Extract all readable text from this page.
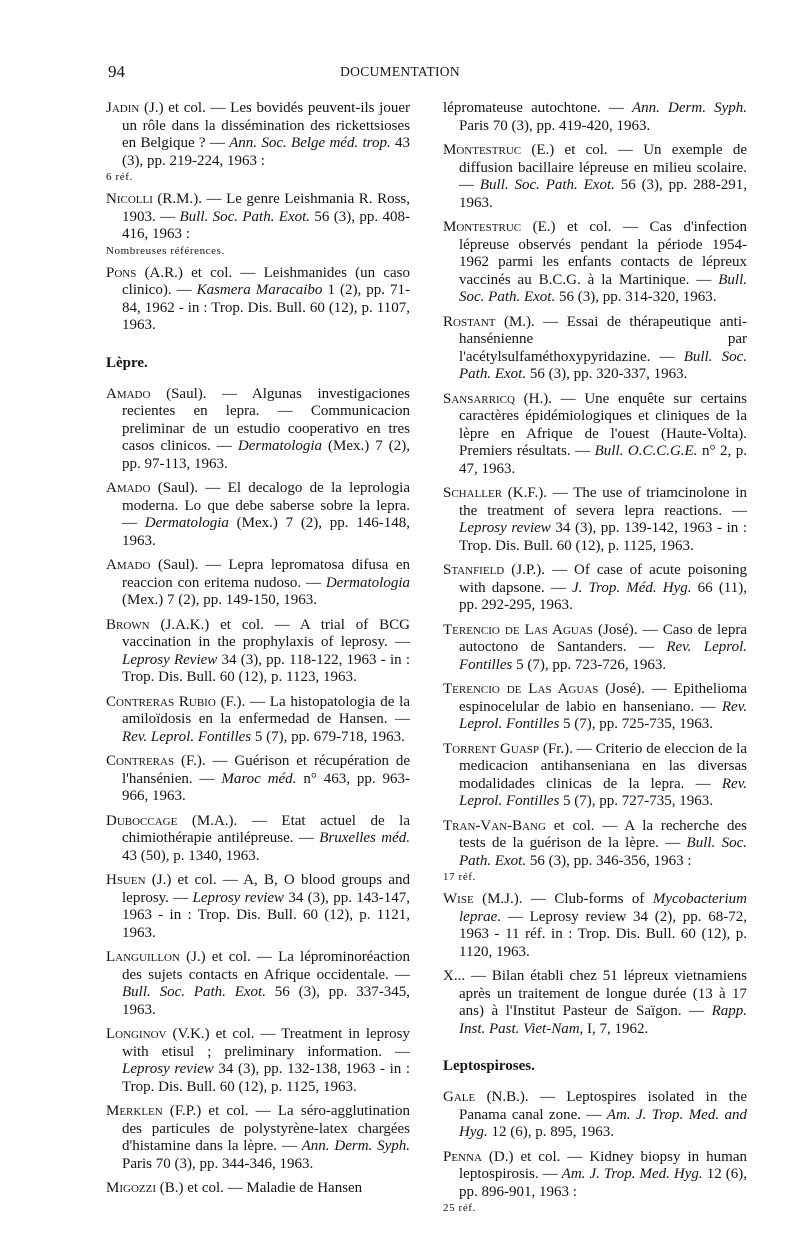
94	DOCUMENTATION

Jadin (J.) et col. — Les bovidés peuvent-ils jouer un rôle dans la dissémination des rickettsioses en Belgique ? — Ann. Soc. Belge méd. trop. 43 (3), pp. 219-224, 1963 :
6 réf.

Nicolli (R.M.). — Le genre Leishmania R. Ross, 1903. — Bull. Soc. Path. Exot. 56 (3), pp. 408-416, 1963 :
Nombreuses références.

Pons (A.R.) et col. — Leishmanides (un caso clinico). — Kasmera Maracaibo 1 (2), pp. 71-84, 1962 - in : Trop. Dis. Bull. 60 (12), p. 1107, 1963.

Lèpre.

Amado (Saul). — Algunas investigaciones recientes en lepra. — Communicacion preliminar de un estudio cooperativo en tres casos clinicos. — Dermatologia (Mex.) 7 (2), pp. 97-113, 1963.

Amado (Saul). — El decalogo de la leprologia moderna. Lo que debe saberse sobre la lepra. — Dermatologia (Mex.) 7 (2), pp. 146-148, 1963.

Amado (Saul). — Lepra lepromatosa difusa en reaccion con eritema nudoso. — Dermatologia (Mex.) 7 (2), pp. 149-150, 1963.

Brown (J.A.K.) et col. — A trial of BCG vaccination in the prophylaxis of leprosy. — Leprosy Review 34 (3), pp. 118-122, 1963 - in : Trop. Dis. Bull. 60 (12), p. 1123, 1963.

Contreras Rubio (F.). — La histopatologia de la amiloïdosis en la enfermedad de Hansen. — Rev. Leprol. Fontilles 5 (7), pp. 679-718, 1963.

Contreras (F.). — Guérison et récupération de l'hansénien. — Maroc méd. n° 463, pp. 963-966, 1963.

Duboccage (M.A.). — Etat actuel de la chimiothérapie antilépreuse. — Bruxelles méd. 43 (50), p. 1340, 1963.

Hsuen (J.) et col. — A, B, O blood groups and leprosy. — Leprosy review 34 (3), pp. 143-147, 1963 - in : Trop. Dis. Bull. 60 (12), p. 1121, 1963.

Languillon (J.) et col. — La léprominoréaction des sujets contacts en Afrique occidentale. — Bull. Soc. Path. Exot. 56 (3), pp. 337-345, 1963.

Longinov (V.K.) et col. — Treatment in leprosy with etisul ; preliminary information. — Leprosy review 34 (3), pp. 132-138, 1963 - in : Trop. Dis. Bull. 60 (12), p. 1125, 1963.

Merklen (F.P.) et col. — La séro-agglutination des particules de polystyrène-latex chargées d'histamine dans la lèpre. — Ann. Derm. Syph. Paris 70 (3), pp. 344-346, 1963.

Migozzi (B.) et col. — Maladie de Hansen

lépromateuse autochtone. — Ann. Derm. Syph. Paris 70 (3), pp. 419-420, 1963.

Montestruc (E.) et col. — Un exemple de diffusion bacillaire lépreuse en milieu scolaire. — Bull. Soc. Path. Exot. 56 (3), pp. 288-291, 1963.

Montestruc (E.) et col. — Cas d'infection lépreuse observés pendant la période 1954-1962 parmi les enfants contacts de lépreux vaccinés au B.C.G. à la Martinique. — Bull. Soc. Path. Exot. 56 (3), pp. 314-320, 1963.

Rostant (M.). — Essai de thérapeutique anti-hansénienne par l'acétylsulfaméthoxypyridazine. — Bull. Soc. Path. Exot. 56 (3), pp. 320-337, 1963.

Sansarricq (H.). — Une enquête sur certains caractères épidémiologiques et cliniques de la lèpre en Afrique de l'ouest (Haute-Volta). Premiers résultats. — Bull. O.C.C.G.E. n° 2, p. 47, 1963.

Schaller (K.F.). — The use of triamcinolone in the treatment of severa lepra reactions. — Leprosy review 34 (3), pp. 139-142, 1963 - in : Trop. Dis. Bull. 60 (12), p. 1125, 1963.

Stanfield (J.P.). — Of case of acute poisoning with dapsone. — J. Trop. Méd. Hyg. 66 (11), pp. 292-295, 1963.

Terencio de Las Aguas (José). — Caso de lepra autoctono de Santanders. — Rev. Leprol. Fontilles 5 (7), pp. 723-726, 1963.

Terencio de Las Aguas (José). — Epithelioma espinocelular de labio en hanseniano. — Rev. Leprol. Fontilles 5 (7), pp. 725-735, 1963.

Torrent Guasp (Fr.). — Criterio de eleccion de la medicacion antihanseniana en las diversas modalidades clinicas de la lepra. — Rev. Leprol. Fontilles 5 (7), pp. 727-735, 1963.

Tran-Van-Bang et col. — A la recherche des tests de la guérison de la lèpre. — Bull. Soc. Path. Exot. 56 (3), pp. 346-356, 1963 :
17 réf.

Wise (M.J.). — Club-forms of Mycobacterium leprae. — Leprosy review 34 (2), pp. 68-72, 1963 - 11 réf. in : Trop. Dis. Bull. 60 (12), p. 1120, 1963.

X... — Bilan établi chez 51 lépreux vietnamiens après un traitement de longue durée (13 à 17 ans) à l'Institut Pasteur de Saïgon. — Rapp. Inst. Past. Viet-Nam, I, 7, 1962.

Leptospiroses.

Gale (N.B.). — Leptospires isolated in the Panama canal zone. — Am. J. Trop. Med. and Hyg. 12 (6), p. 895, 1963.

Penna (D.) et col. — Kidney biopsy in human leptospirosis. — Am. J. Trop. Med. Hyg. 12 (6), pp. 896-901, 1963 :
25 réf.
